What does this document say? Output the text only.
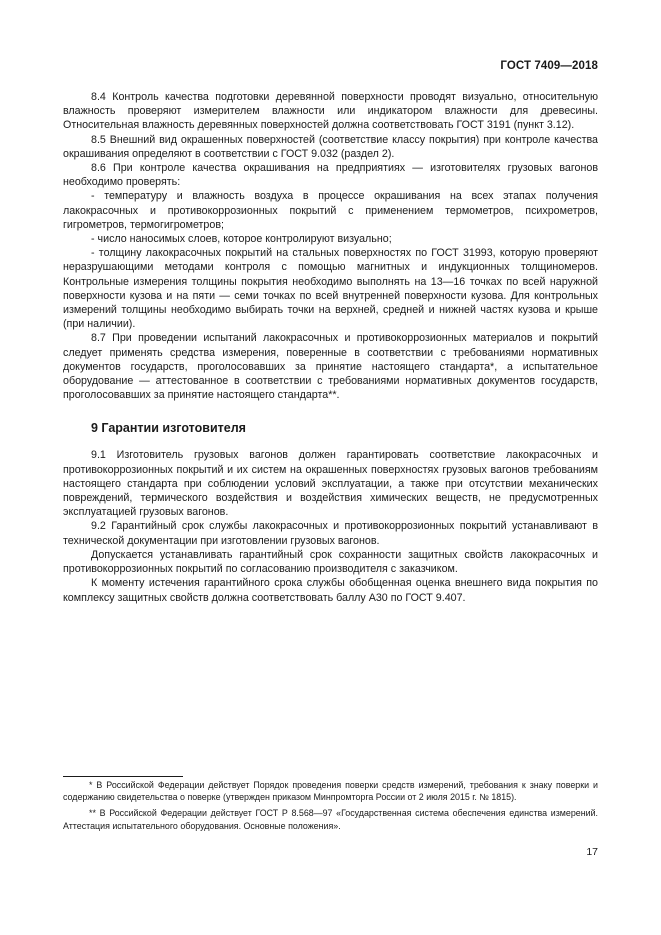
ГОСТ 7409—2018

8.4 Контроль качества подготовки деревянной поверхности проводят визуально, относительную влажность проверяют измерителем влажности или индикатором влажности для древесины. Относительная влажность деревянных поверхностей должна соответствовать ГОСТ 3191 (пункт 3.12).

8.5 Внешний вид окрашенных поверхностей (соответствие классу покрытия) при контроле качества окрашивания определяют в соответствии с ГОСТ 9.032 (раздел 2).

8.6 При контроле качества окрашивания на предприятиях — изготовителях грузовых вагонов необходимо проверять:

- температуру и влажность воздуха в процессе окрашивания на всех этапах получения лакокрасочных и противокоррозионных покрытий с применением термометров, психрометров, гигрометров, термогигрометров;

- число наносимых слоев, которое контролируют визуально;

- толщину лакокрасочных покрытий на стальных поверхностях по ГОСТ 31993, которую проверяют неразрушающими методами контроля с помощью магнитных и индукционных толщиномеров. Контрольные измерения толщины покрытия необходимо выполнять на 13—16 точках по всей наружной поверхности кузова и на пяти — семи точках по всей внутренней поверхности кузова. Для контрольных измерений толщины необходимо выбирать точки на верхней, средней и нижней частях кузова и крыше (при наличии).

8.7 При проведении испытаний лакокрасочных и противокоррозионных материалов и покрытий следует применять средства измерения, поверенные в соответствии с требованиями нормативных документов государств, проголосовавших за принятие настоящего стандарта*, а испытательное оборудование — аттестованное в соответствии с требованиями нормативных документов государств, проголосовавших за принятие настоящего стандарта**.

9 Гарантии изготовителя

9.1 Изготовитель грузовых вагонов должен гарантировать соответствие лакокрасочных и противокоррозионных покрытий и их систем на окрашенных поверхностях грузовых вагонов требованиям настоящего стандарта при соблюдении условий эксплуатации, а также при отсутствии механических повреждений, термического воздействия и воздействия химических веществ, не предусмотренных эксплуатацией грузовых вагонов.

9.2 Гарантийный срок службы лакокрасочных и противокоррозионных покрытий устанавливают в технической документации при изготовлении грузовых вагонов.

Допускается устанавливать гарантийный срок сохранности защитных свойств лакокрасочных и противокоррозионных покрытий по согласованию производителя с заказчиком.

К моменту истечения гарантийного срока службы обобщенная оценка внешнего вида покрытия по комплексу защитных свойств должна соответствовать баллу А30 по ГОСТ 9.407.

* В Российской Федерации действует Порядок проведения поверки средств измерений, требования к знаку поверки и содержанию свидетельства о поверке (утвержден приказом Минпромторга России от 2 июля 2015 г. № 1815).

** В Российской Федерации действует ГОСТ Р 8.568—97 «Государственная система обеспечения единства измерений. Аттестация испытательного оборудования. Основные положения».

17
